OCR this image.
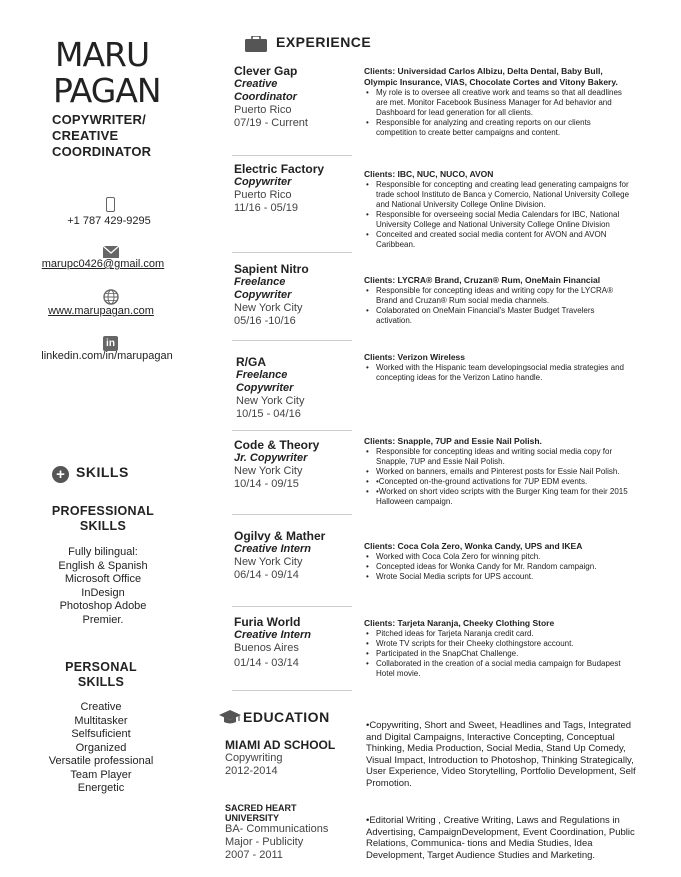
MARU
PAGAN
COPYWRITER/
CREATIVE
COORDINATOR
+1 787 429-9295
marupc0426@gmail.com
www.marupagan.com
in
linkedin.com/in/marupagan
+ SKILLS
PROFESSIONAL
SKILLS
Fully bilingual:
English & Spanish
Microsoft Office
InDesign
Photoshop Adobe
Premier.
PERSONAL
SKILLS
Creative
Multitasker
Selfsuficient
Organized
Versatile professional
Team Player
Energetic
EXPERIENCE
Clever Gap
Creative
Coordinator
Puerto Rico
07/19 - Current
Clients: Universidad Carlos Albizu, Delta Dental, Baby Bull, Olympic Insurance, VIAS, Chocolate Cortes and Vitony Bakery.
• My role is to oversee all creative work and teams so that all deadlines are met. Monitor Facebook Business Manager for Ad behavior and Dashboard for lead generation for all clients.
• Responsible for analyzing and creating reports on our clients competition to create better campaigns and content.
Electric Factory
Copywriter
Puerto Rico
11/16 - 05/19
Clients: IBC, NUC, NUCO, AVON
• Responsible for concepting and creating lead generating campaigns for trade school Instituto de Banca y Comercio, National University College and National University College Online Division.
• Responsible for overseeing social Media Calendars for IBC, National University College and National University College Online Division
• Conceited and created social media content for AVON and AVON Caribbean.
Sapient Nitro
Freelance
Copywriter
New York City
05/16 -10/16
Clients: LYCRA® Brand, Cruzan® Rum, OneMain Financial
• Responsible for concepting ideas and writing copy for the LYCRA® Brand and Cruzan® Rum social media channels.
• Colaborated on OneMain Financial's Master Budget Travelers activation.
R/GA
Freelance
Copywriter
New York City
10/15 - 04/16
Clients: Verizon Wireless
• Worked with the Hispanic team developingsocial media strategies and concepting ideas for the Verizon Latino handle.
Code & Theory
Jr. Copywriter
New York City
10/14 - 09/15
Clients: Snapple, 7UP and Essie Nail Polish.
• Responsible for concepting ideas and writing social media copy for Snapple, 7UP and Essie Nail Polish.
• Worked on banners, emails and Pinterest posts for Essie Nail Polish.
• •Concepted on-the-ground activations for 7UP EDM events.
• •Worked on short video scripts with the Burger King team for their 2015 Halloween campaign.
Ogilvy & Mather
Creative Intern
New York City
06/14 - 09/14
Clients: Coca Cola Zero, Wonka Candy, UPS and IKEA
• Worked with Coca Cola Zero for winning pitch.
• Concepted ideas for Wonka Candy for Mr. Random campaign.
• Wrote Social Media scripts for UPS account.
Furia World
Creative Intern
Buenos Aires
01/14 - 03/14
Clients: Tarjeta Naranja, Cheeky Clothing Store
• Pitched ideas for Tarjeta Naranja credit card.
• Wrote TV scripts for their Cheeky clothingstore account.
• Participated in the SnapChat Challenge.
• Collaborated in the creation of a social media campaign for Budapest Hotel movie.
EDUCATION
MIAMI AD SCHOOL
Copywriting
2012-2014
•Copywriting, Short and Sweet, Headlines and Tags, Integrated and Digital Campaigns, Interactive Concepting, Conceptual Thinking, Media Production, Social Media, Stand Up Comedy, Visual Impact, Introduction to Photoshop, Thinking Strategically, User Experience, Video Storytelling, Portfolio Development, Self Promotion.
SACRED HEART
UNIVERSITY
BA- Communications
Major - Publicity
2007 - 2011
•Editorial Writing , Creative Writing, Laws and Regulations in Advertising, CampaignDevelopment, Event Coordination, Public Relations, Communica- tions and Media Studies, Idea Development, Target Audience Studies and Marketing.
